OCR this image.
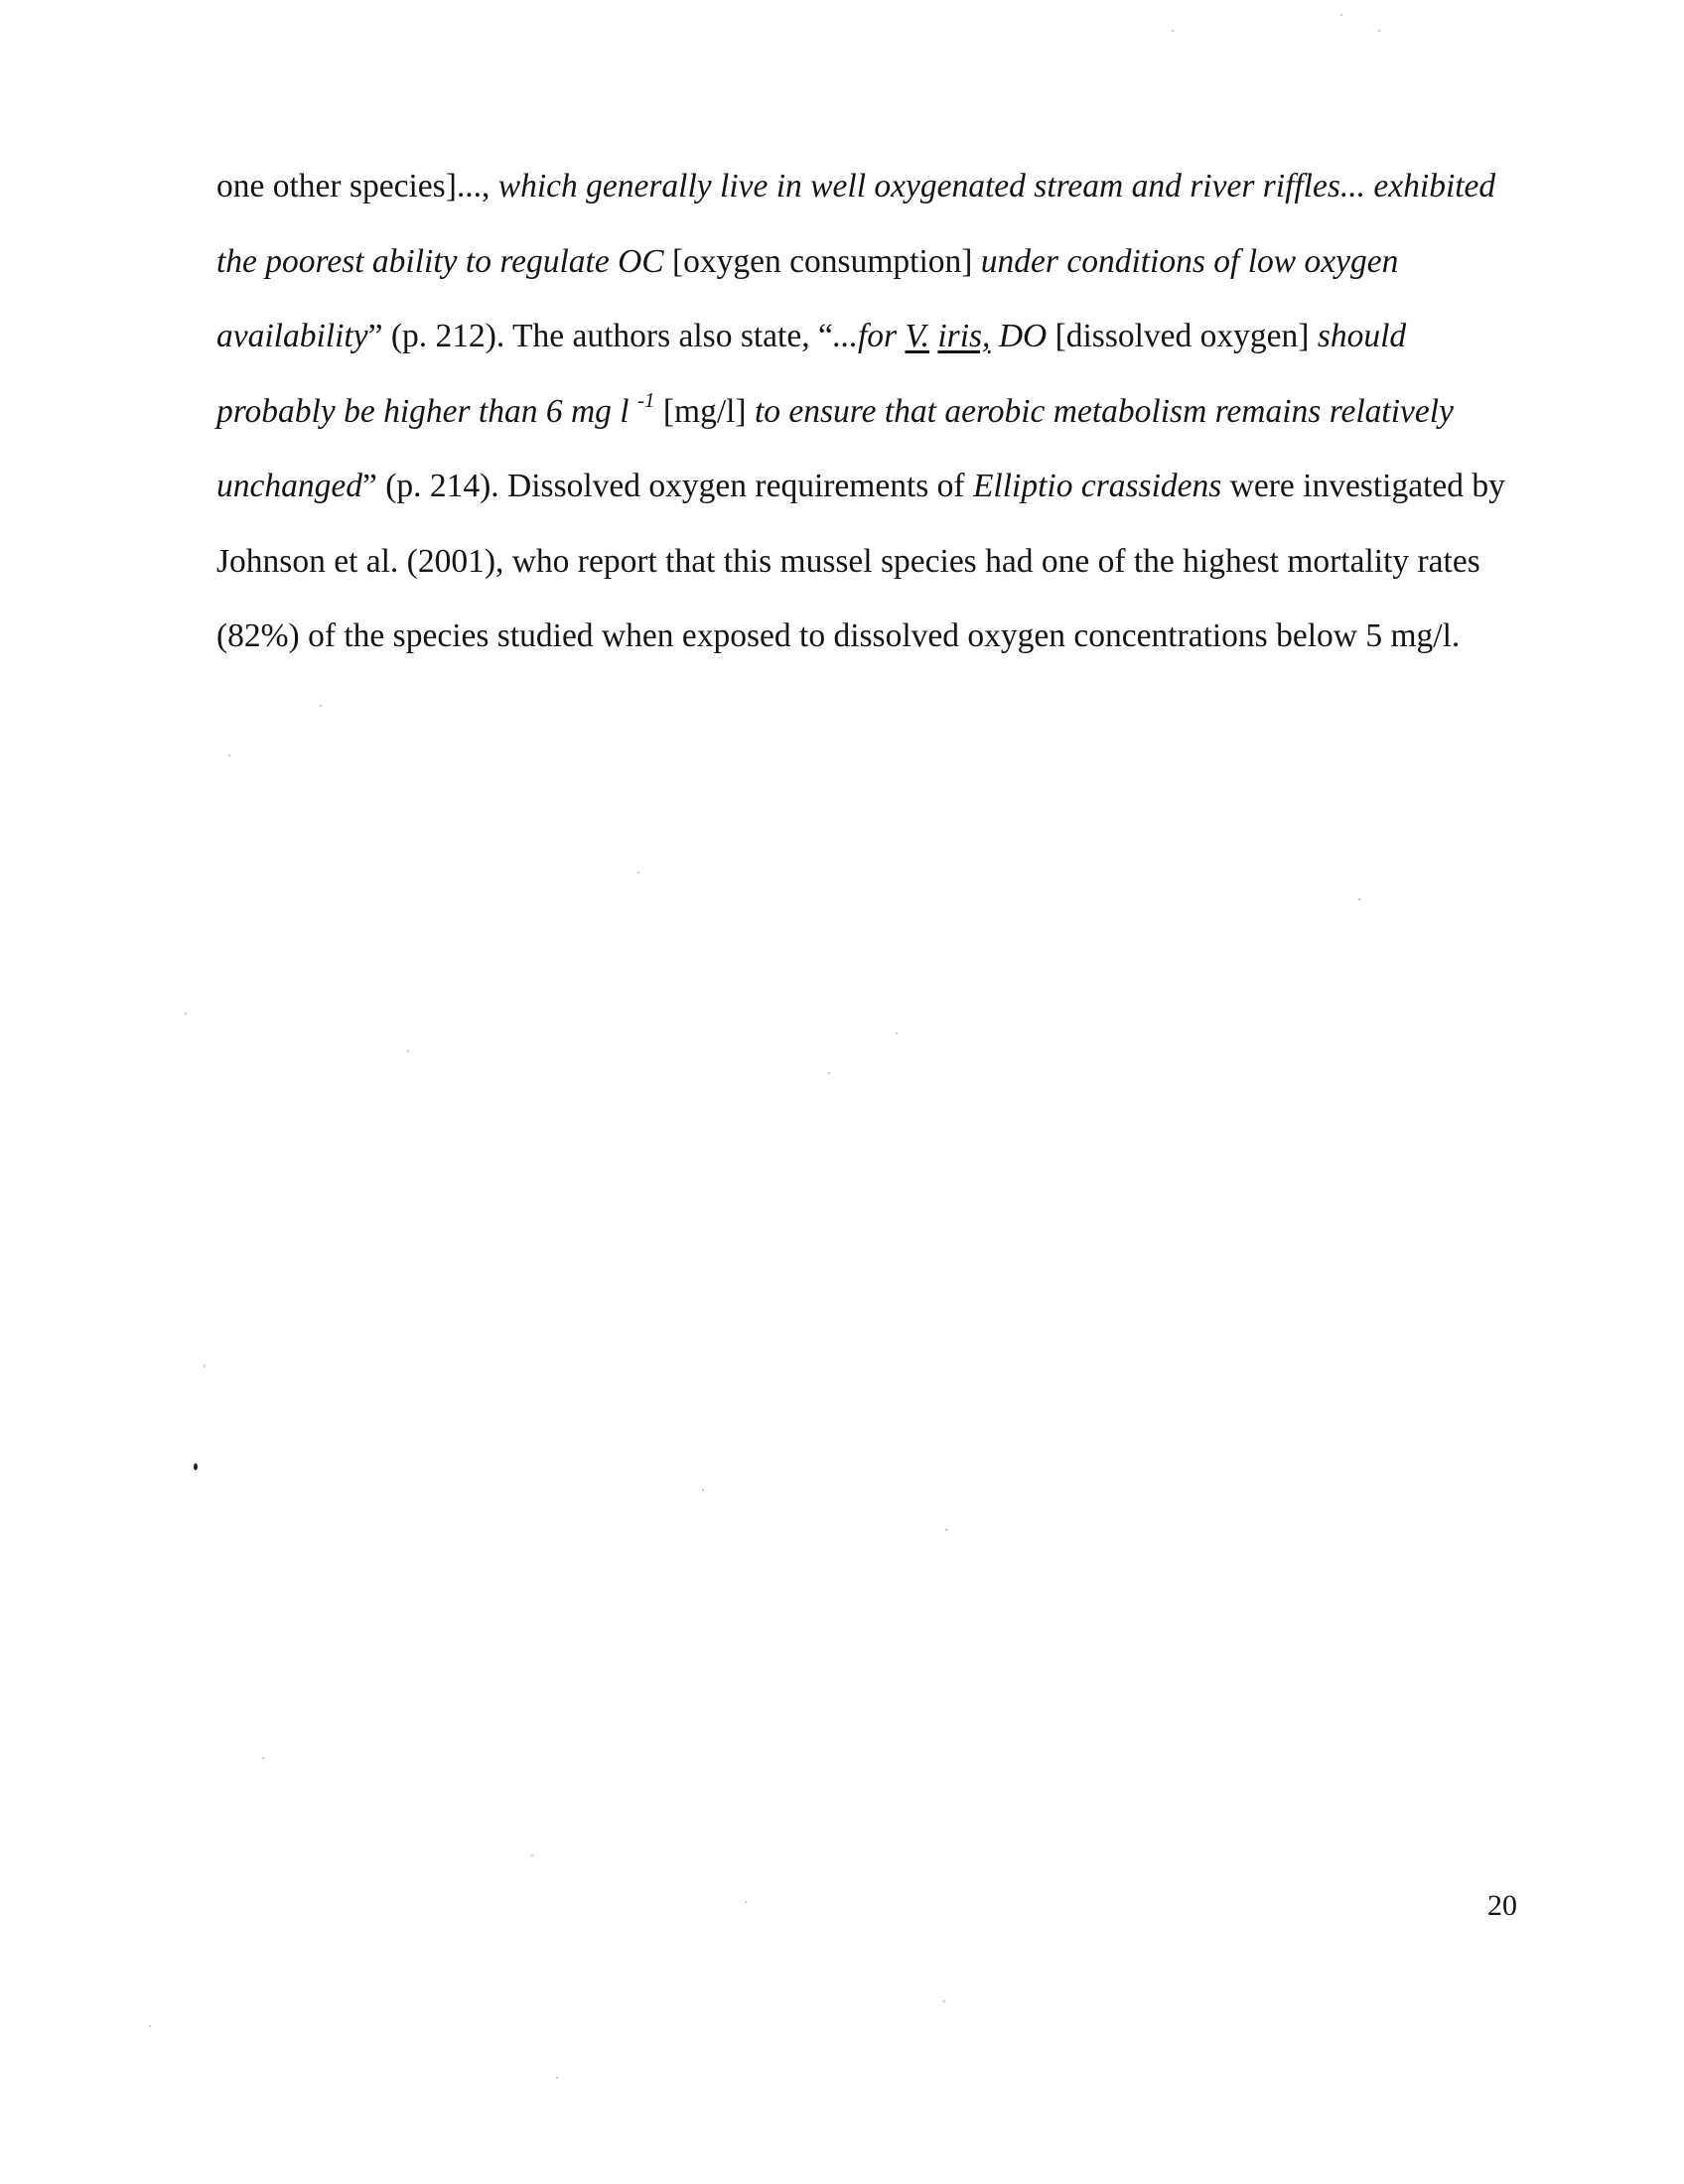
one other species]..., which generally live in well oxygenated stream and river riffles... exhibited
the poorest ability to regulate OC [oxygen consumption] under conditions of low oxygen
availability” (p. 212). The authors also state, “...for V. iris, DO [dissolved oxygen] should
probably be higher than 6 mg l $^{-1}$ [mg/l] to ensure that aerobic metabolism remains relatively
unchanged” (p. 214). Dissolved oxygen requirements of Elliptio crassidens were investigated by
Johnson et al. (2001), who report that this mussel species had one of the highest mortality rates
(82%) of the species studied when exposed to dissolved oxygen concentrations below 5 mg/l.
20
